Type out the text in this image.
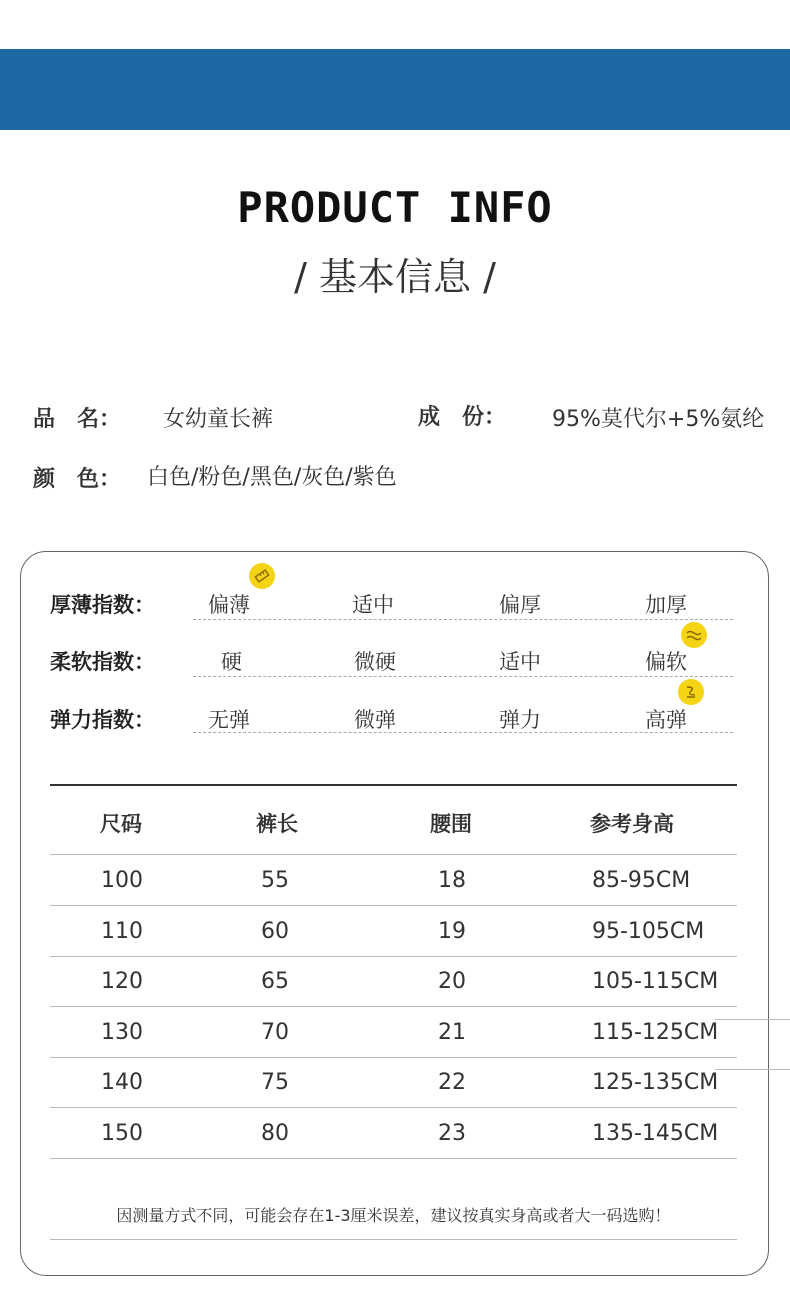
PRODUCT INFO
/ 基本信息 /
品　名： 女幼童长裤	成　份： 95%莫代尔+5%氨纶
颜　色： 白色/粉色/黑色/灰色/紫色
厚薄指数：	偏薄	适中	偏厚	加厚
柔软指数：	硬	微硬	适中	偏软
弹力指数：	无弹	微弹	弹力	高弹
尺码	裤长	腰围	参考身高
100	55	18	85-95CM
110	60	19	95-105CM
120	65	20	105-115CM
130	70	21	115-125CM
140	75	22	125-135CM
150	80	23	135-145CM
因测量方式不同，可能会存在1-3厘米误差，建议按真实身高或者大一码选购！
